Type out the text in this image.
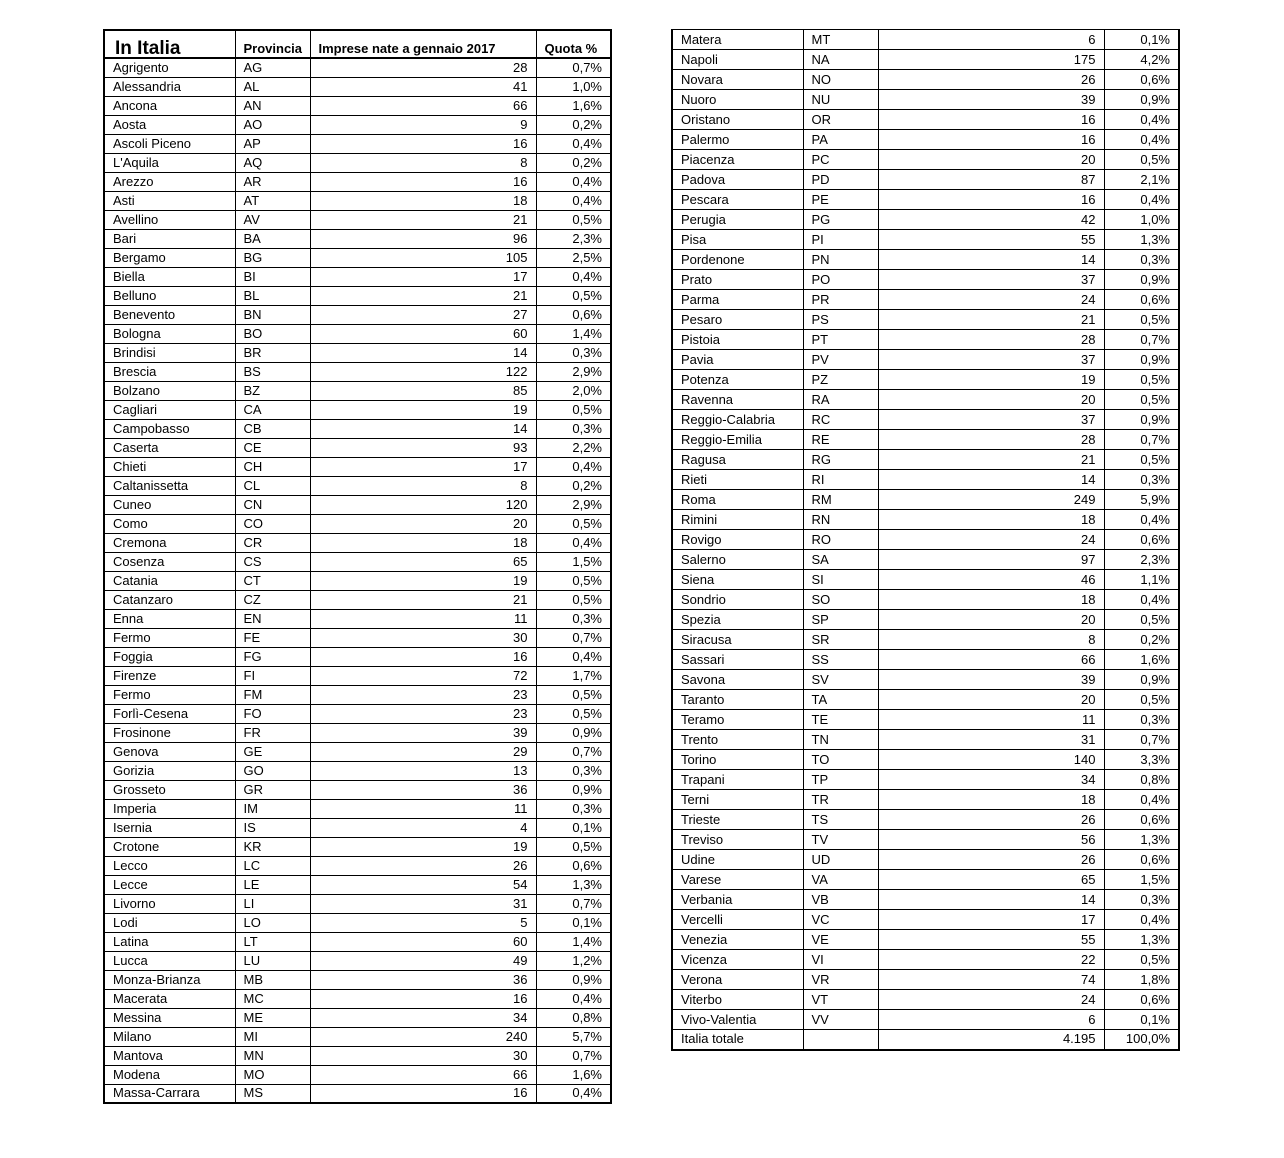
In Italia	Provincia	Imprese nate a gennaio 2017	Quota %
Agrigento	AG	28	0,7%
Alessandria	AL	41	1,0%
Ancona	AN	66	1,6%
Aosta	AO	9	0,2%
Ascoli Piceno	AP	16	0,4%
L'Aquila	AQ	8	0,2%
Arezzo	AR	16	0,4%
Asti	AT	18	0,4%
Avellino	AV	21	0,5%
Bari	BA	96	2,3%
Bergamo	BG	105	2,5%
Biella	BI	17	0,4%
Belluno	BL	21	0,5%
Benevento	BN	27	0,6%
Bologna	BO	60	1,4%
Brindisi	BR	14	0,3%
Brescia	BS	122	2,9%
Bolzano	BZ	85	2,0%
Cagliari	CA	19	0,5%
Campobasso	CB	14	0,3%
Caserta	CE	93	2,2%
Chieti	CH	17	0,4%
Caltanissetta	CL	8	0,2%
Cuneo	CN	120	2,9%
Como	CO	20	0,5%
Cremona	CR	18	0,4%
Cosenza	CS	65	1,5%
Catania	CT	19	0,5%
Catanzaro	CZ	21	0,5%
Enna	EN	11	0,3%
Fermo	FE	30	0,7%
Foggia	FG	16	0,4%
Firenze	FI	72	1,7%
Fermo	FM	23	0,5%
Forlì-Cesena	FO	23	0,5%
Frosinone	FR	39	0,9%
Genova	GE	29	0,7%
Gorizia	GO	13	0,3%
Grosseto	GR	36	0,9%
Imperia	IM	11	0,3%
Isernia	IS	4	0,1%
Crotone	KR	19	0,5%
Lecco	LC	26	0,6%
Lecce	LE	54	1,3%
Livorno	LI	31	0,7%
Lodi	LO	5	0,1%
Latina	LT	60	1,4%
Lucca	LU	49	1,2%
Monza-Brianza	MB	36	0,9%
Macerata	MC	16	0,4%
Messina	ME	34	0,8%
Milano	MI	240	5,7%
Mantova	MN	30	0,7%
Modena	MO	66	1,6%
Massa-Carrara	MS	16	0,4%
Matera	MT	6	0,1%
Napoli	NA	175	4,2%
Novara	NO	26	0,6%
Nuoro	NU	39	0,9%
Oristano	OR	16	0,4%
Palermo	PA	16	0,4%
Piacenza	PC	20	0,5%
Padova	PD	87	2,1%
Pescara	PE	16	0,4%
Perugia	PG	42	1,0%
Pisa	PI	55	1,3%
Pordenone	PN	14	0,3%
Prato	PO	37	0,9%
Parma	PR	24	0,6%
Pesaro	PS	21	0,5%
Pistoia	PT	28	0,7%
Pavia	PV	37	0,9%
Potenza	PZ	19	0,5%
Ravenna	RA	20	0,5%
Reggio-Calabria	RC	37	0,9%
Reggio-Emilia	RE	28	0,7%
Ragusa	RG	21	0,5%
Rieti	RI	14	0,3%
Roma	RM	249	5,9%
Rimini	RN	18	0,4%
Rovigo	RO	24	0,6%
Salerno	SA	97	2,3%
Siena	SI	46	1,1%
Sondrio	SO	18	0,4%
Spezia	SP	20	0,5%
Siracusa	SR	8	0,2%
Sassari	SS	66	1,6%
Savona	SV	39	0,9%
Taranto	TA	20	0,5%
Teramo	TE	11	0,3%
Trento	TN	31	0,7%
Torino	TO	140	3,3%
Trapani	TP	34	0,8%
Terni	TR	18	0,4%
Trieste	TS	26	0,6%
Treviso	TV	56	1,3%
Udine	UD	26	0,6%
Varese	VA	65	1,5%
Verbania	VB	14	0,3%
Vercelli	VC	17	0,4%
Venezia	VE	55	1,3%
Vicenza	VI	22	0,5%
Verona	VR	74	1,8%
Viterbo	VT	24	0,6%
Vivo-Valentia	VV	6	0,1%
Italia totale		4.195	100,0%
